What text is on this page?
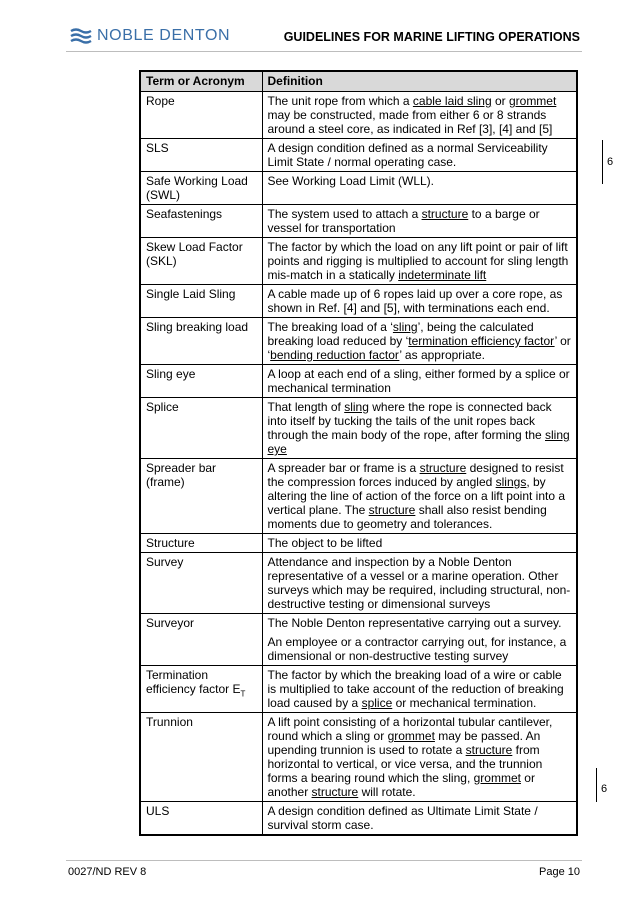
NOBLE DENTON	GUIDELINES FOR MARINE LIFTING OPERATIONS
Term or Acronym	Definition
Rope	The unit rope from which a cable laid sling or grommet may be constructed, made from either 6 or 8 strands around a steel core, as indicated in Ref [3], [4] and [5]
SLS	A design condition defined as a normal Serviceability Limit State / normal operating case.
Safe Working Load (SWL)	See Working Load Limit (WLL).
Seafastenings	The system used to attach a structure to a barge or vessel for transportation
Skew Load Factor (SKL)	The factor by which the load on any lift point or pair of lift points and rigging is multiplied to account for sling length mis-match in a statically indeterminate lift
Single Laid Sling	A cable made up of 6 ropes laid up over a core rope, as shown in Ref. [4] and [5], with terminations each end.
Sling breaking load	The breaking load of a ‘sling’, being the calculated breaking load reduced by ‘termination efficiency factor’ or ‘bending reduction factor’ as appropriate.
Sling eye	A loop at each end of a sling, either formed by a splice or mechanical termination
Splice	That length of sling where the rope is connected back into itself by tucking the tails of the unit ropes back through the main body of the rope, after forming the sling eye
Spreader bar (frame)	A spreader bar or frame is a structure designed to resist the compression forces induced by angled slings, by altering the line of action of the force on a lift point into a vertical plane. The structure shall also resist bending moments due to geometry and tolerances.
Structure	The object to be lifted
Survey	Attendance and inspection by a Noble Denton representative of a vessel or a marine operation. Other surveys which may be required, including structural, non-destructive testing or dimensional surveys
Surveyor	The Noble Denton representative carrying out a survey.
An employee or a contractor carrying out, for instance, a dimensional or non-destructive testing survey

Termination efficiency factor $E_T$	The factor by which the breaking load of a wire or cable is multiplied to take account of the reduction of breaking load caused by a splice or mechanical termination.
Trunnion	A lift point consisting of a horizontal tubular cantilever, round which a sling or grommet may be passed. An upending trunnion is used to rotate a structure from horizontal to vertical, or vice versa, and the trunnion forms a bearing round which the sling, grommet or another structure will rotate.
ULS	A design condition defined as Ultimate Limit State / survival storm case.
6
6
0027/ND REV 8	Page 10
